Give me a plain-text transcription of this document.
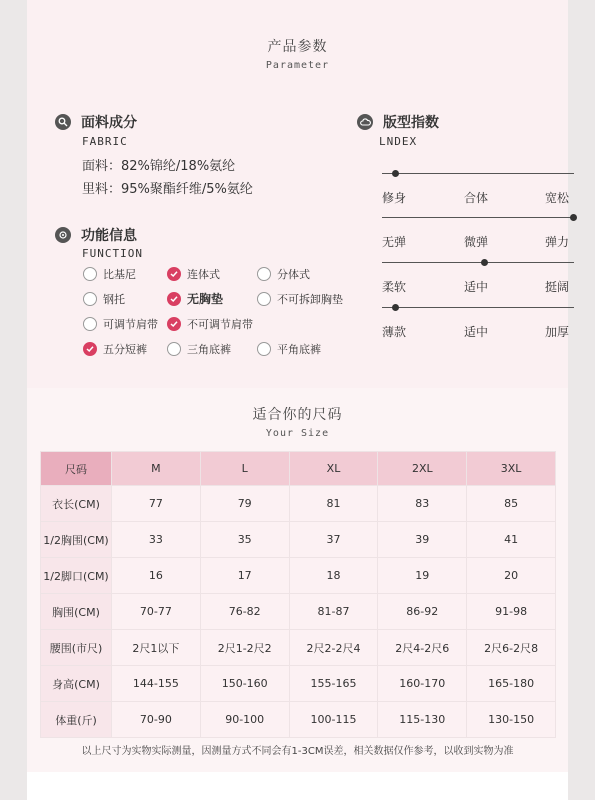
产品参数
Parameter
面料成分
FABRIC
面料：82%锦纶/18%氨纶
里料：95%聚酯纤维/5%氨纶
功能信息
FUNCTION
比基尼	连体式	分体式
钢托	无胸垫	不可拆卸胸垫
可调节肩带	不可调节肩带
五分短裤	三角底裤	平角底裤
版型指数
LNDEX
修身	合体	宽松
无弹	微弹	弹力
柔软	适中	挺阔
薄款	适中	加厚
适合你的尺码
Your Size
尺码	M	L	XL	2XL	3XL
衣长(CM)	77	79	81	83	85
1/2胸围(CM)	33	35	37	39	41
1/2脚口(CM)	16	17	18	19	20
胸围(CM)	70-77	76-82	81-87	86-92	91-98
腰围(市尺)	2尺1以下	2尺1-2尺2	2尺2-2尺4	2尺4-2尺6	2尺6-2尺8
身高(CM)	144-155	150-160	155-165	160-170	165-180
体重(斤)	70-90	90-100	100-115	115-130	130-150
以上尺寸为实物实际测量，因测量方式不同会有1-3CM误差，相关数据仅作参考，以收到实物为准
